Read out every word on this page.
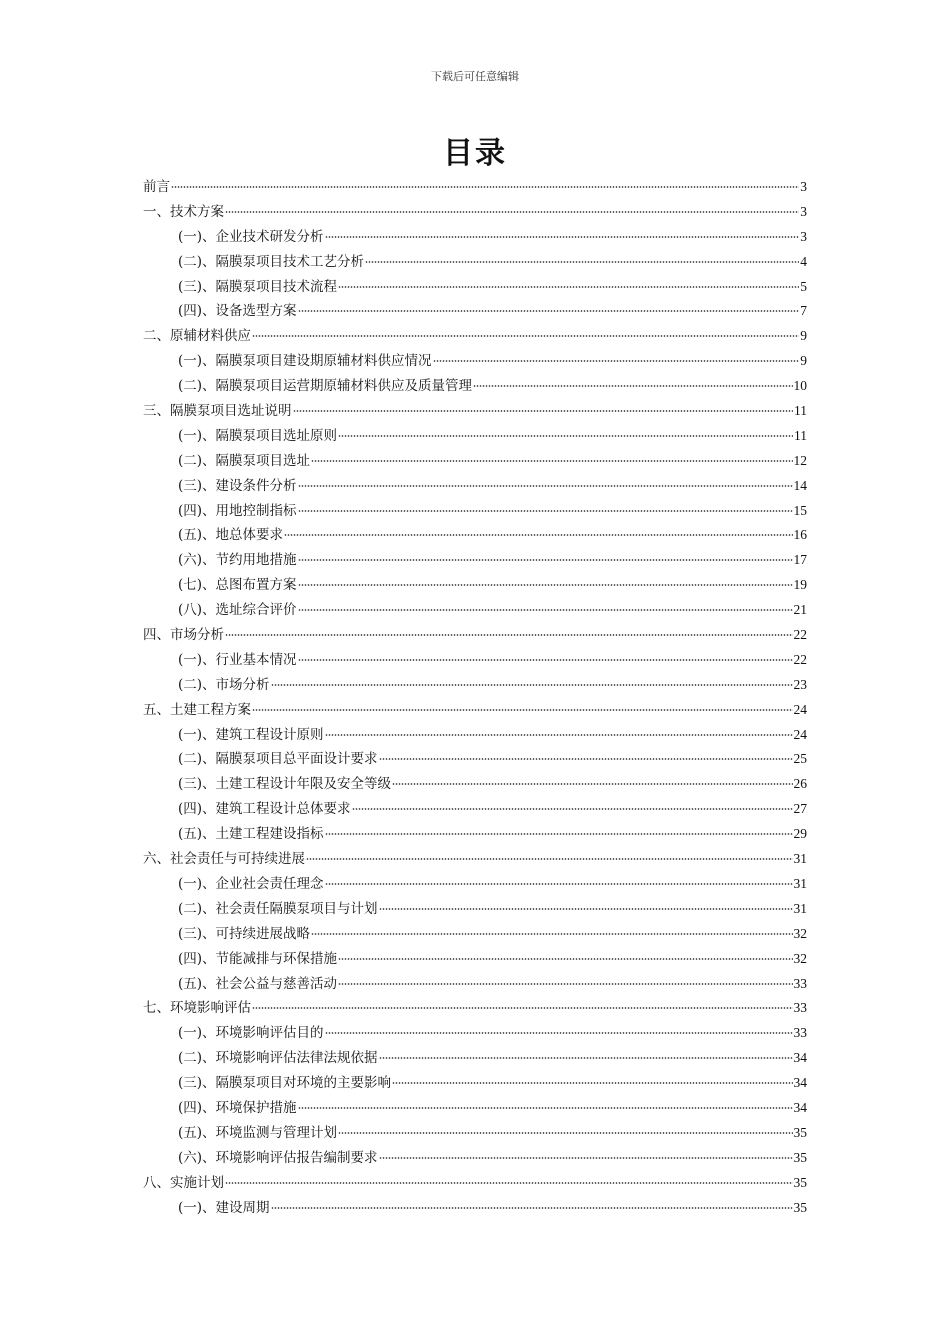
下载后可任意编辑
目录
前言	3
一、技术方案	3
(一)、企业技术研发分析	3
(二)、隔膜泵项目技术工艺分析	4
(三)、隔膜泵项目技术流程	5
(四)、设备选型方案	7
二、原辅材料供应	9
(一)、隔膜泵项目建设期原辅材料供应情况	9
(二)、隔膜泵项目运营期原辅材料供应及质量管理	10
三、隔膜泵项目选址说明	11
(一)、隔膜泵项目选址原则	11
(二)、隔膜泵项目选址	12
(三)、建设条件分析	14
(四)、用地控制指标	15
(五)、地总体要求	16
(六)、节约用地措施	17
(七)、总图布置方案	19
(八)、选址综合评价	21
四、市场分析	22
(一)、行业基本情况	22
(二)、市场分析	23
五、土建工程方案	24
(一)、建筑工程设计原则	24
(二)、隔膜泵项目总平面设计要求	25
(三)、土建工程设计年限及安全等级	26
(四)、建筑工程设计总体要求	27
(五)、土建工程建设指标	29
六、社会责任与可持续进展	31
(一)、企业社会责任理念	31
(二)、社会责任隔膜泵项目与计划	31
(三)、可持续进展战略	32
(四)、节能减排与环保措施	32
(五)、社会公益与慈善活动	33
七、环境影响评估	33
(一)、环境影响评估目的	33
(二)、环境影响评估法律法规依据	34
(三)、隔膜泵项目对环境的主要影响	34
(四)、环境保护措施	34
(五)、环境监测与管理计划	35
(六)、环境影响评估报告编制要求	35
八、实施计划	35
(一)、建设周期	35
